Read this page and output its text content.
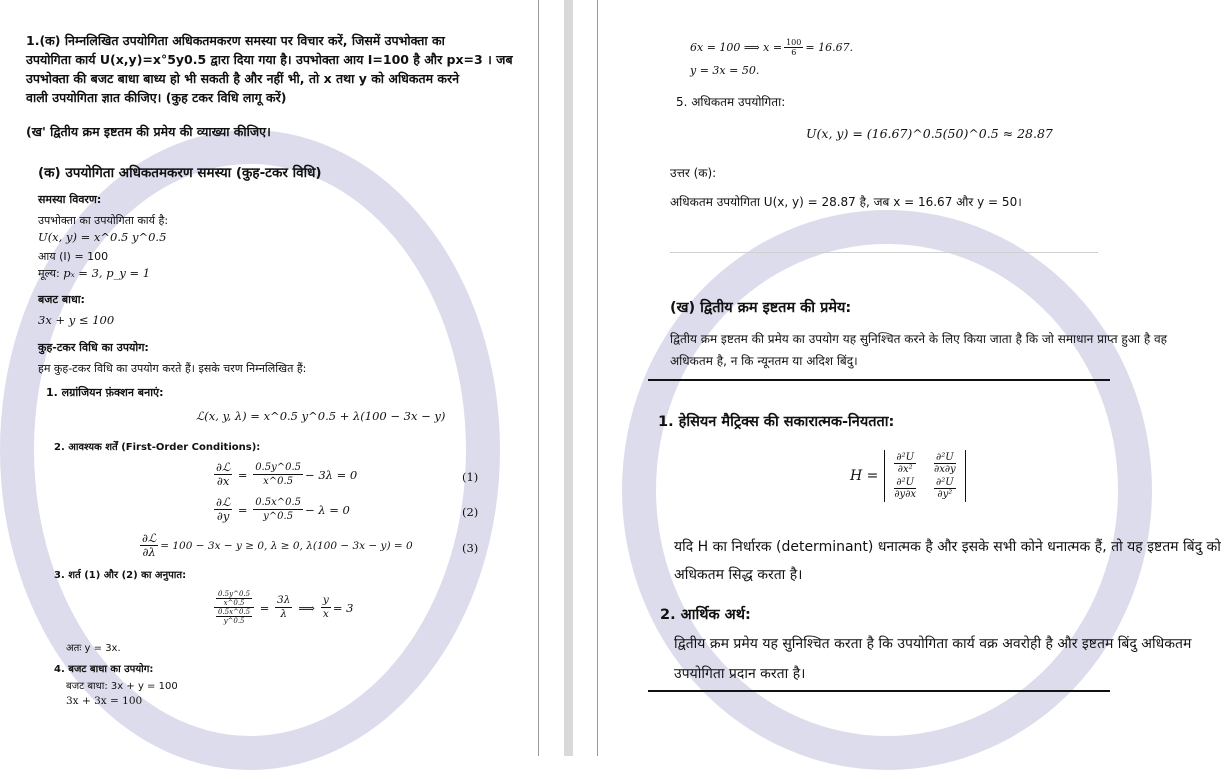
1.(क) निम्नलिखित उपयोगिता अधिकतमकरण समस्या पर विचार करें, जिसमें उपभोक्ता का
उपयोगिता कार्य U(x,y)=x°5y0.5 द्वारा दिया गया है। उपभोक्ता आय I=100 है और px=3 । जब
उपभोक्ता की बजट बाधा बाध्य हो भी सकती है और नहीं भी, तो x तथा y को अधिकतम करने
वाली उपयोगिता ज्ञात कीजिए। (कुह टकर विधि लागू करें)
(ख' द्वितीय क्रम इष्टतम की प्रमेय की व्याख्या कीजिए।
(क) उपयोगिता अधिकतमकरण समस्या (कुह-टकर विधि)
समस्या विवरण:
उपभोक्ता का उपयोगिता कार्य है:
U(x, y) = x^0.5 y^0.5
आय (I) = 100
मूल्य: pₓ = 3, p_y = 1
बजट बाधा:
3x + y ≤ 100
कुह-टकर विधि का उपयोग:
हम कुह-टकर विधि का उपयोग करते हैं। इसके चरण निम्नलिखित हैं:
1. लग्रांजियन फ़ंक्शन बनाएं:
ℒ(x, y, λ) = x^0.5 y^0.5 + λ(100 − 3x − y)
2. आवश्यक शर्तें (First-Order Conditions):
$\frac{\text{∂ℒ}}{\partial x} = \frac{0.5y\^{}0.5}{x\^{}0.5} - 3\lambda = 0$	(1)
$\frac{\text{∂ℒ}}{\partial y} = \frac{0.5x\^{}0.5}{y\^{}0.5} - \lambda = 0$	(2)
$\frac{\text{∂ℒ}}{\partial\lambda} = 100 - 3x - y \ge 0$, λ ≥ 0, λ(100 − 3x − y) = 0	(3)
3. शर्त (1) और (2) का अनुपात:
$\frac{\frac{0.5y\^{}0.5}{x\^{}0.5}}{\frac{0.5x\^{}0.5}{y\^{}0.5}} = \frac{3\lambda}{\lambda}$ ⟹ $\frac{y}{x} = 3$
अतः y = 3x.
4. बजट बाधा का उपयोग:
बजट बाधा: 3x + y = 100
3x + 3x = 100
6x = 100 ⟹ $x = \frac{100}{6} = 16.67$.
y = 3x = 50.
5. अधिकतम उपयोगिता:
U(x, y) = (16.67)^0.5(50)^0.5 ≈ 28.87
उत्तर (क):
अधिकतम उपयोगिता U(x, y) = 28.87 है, जब x = 16.67 और y = 50।
(ख) द्वितीय क्रम इष्टतम की प्रमेय:
द्वितीय क्रम इष्टतम की प्रमेय का उपयोग यह सुनिश्चित करने के लिए किया जाता है कि जो समाधान प्राप्त हुआ है वह
अधिकतम है, न कि न्यूनतम या अदिश बिंदु।
1. हेसियन मैट्रिक्स की सकारात्मक-नियतता:
H =
$\frac{\text{∂²U}}{\text{∂x²}} \frac{\text{∂²U}}{\partial x\partial y}$
$\frac{\text{∂²U}}{\partial y\partial x} \frac{\text{∂²U}}{\text{∂y²}}$
यदि H का निर्धारक (determinant) धनात्मक है और इसके सभी कोने धनात्मक हैं, तो यह इष्टतम बिंदु को
अधिकतम सिद्ध करता है।
2. आर्थिक अर्थ:
द्वितीय क्रम प्रमेय यह सुनिश्चित करता है कि उपयोगिता कार्य वक्र अवरोही है और इष्टतम बिंदु अधिकतम
उपयोगिता प्रदान करता है।
